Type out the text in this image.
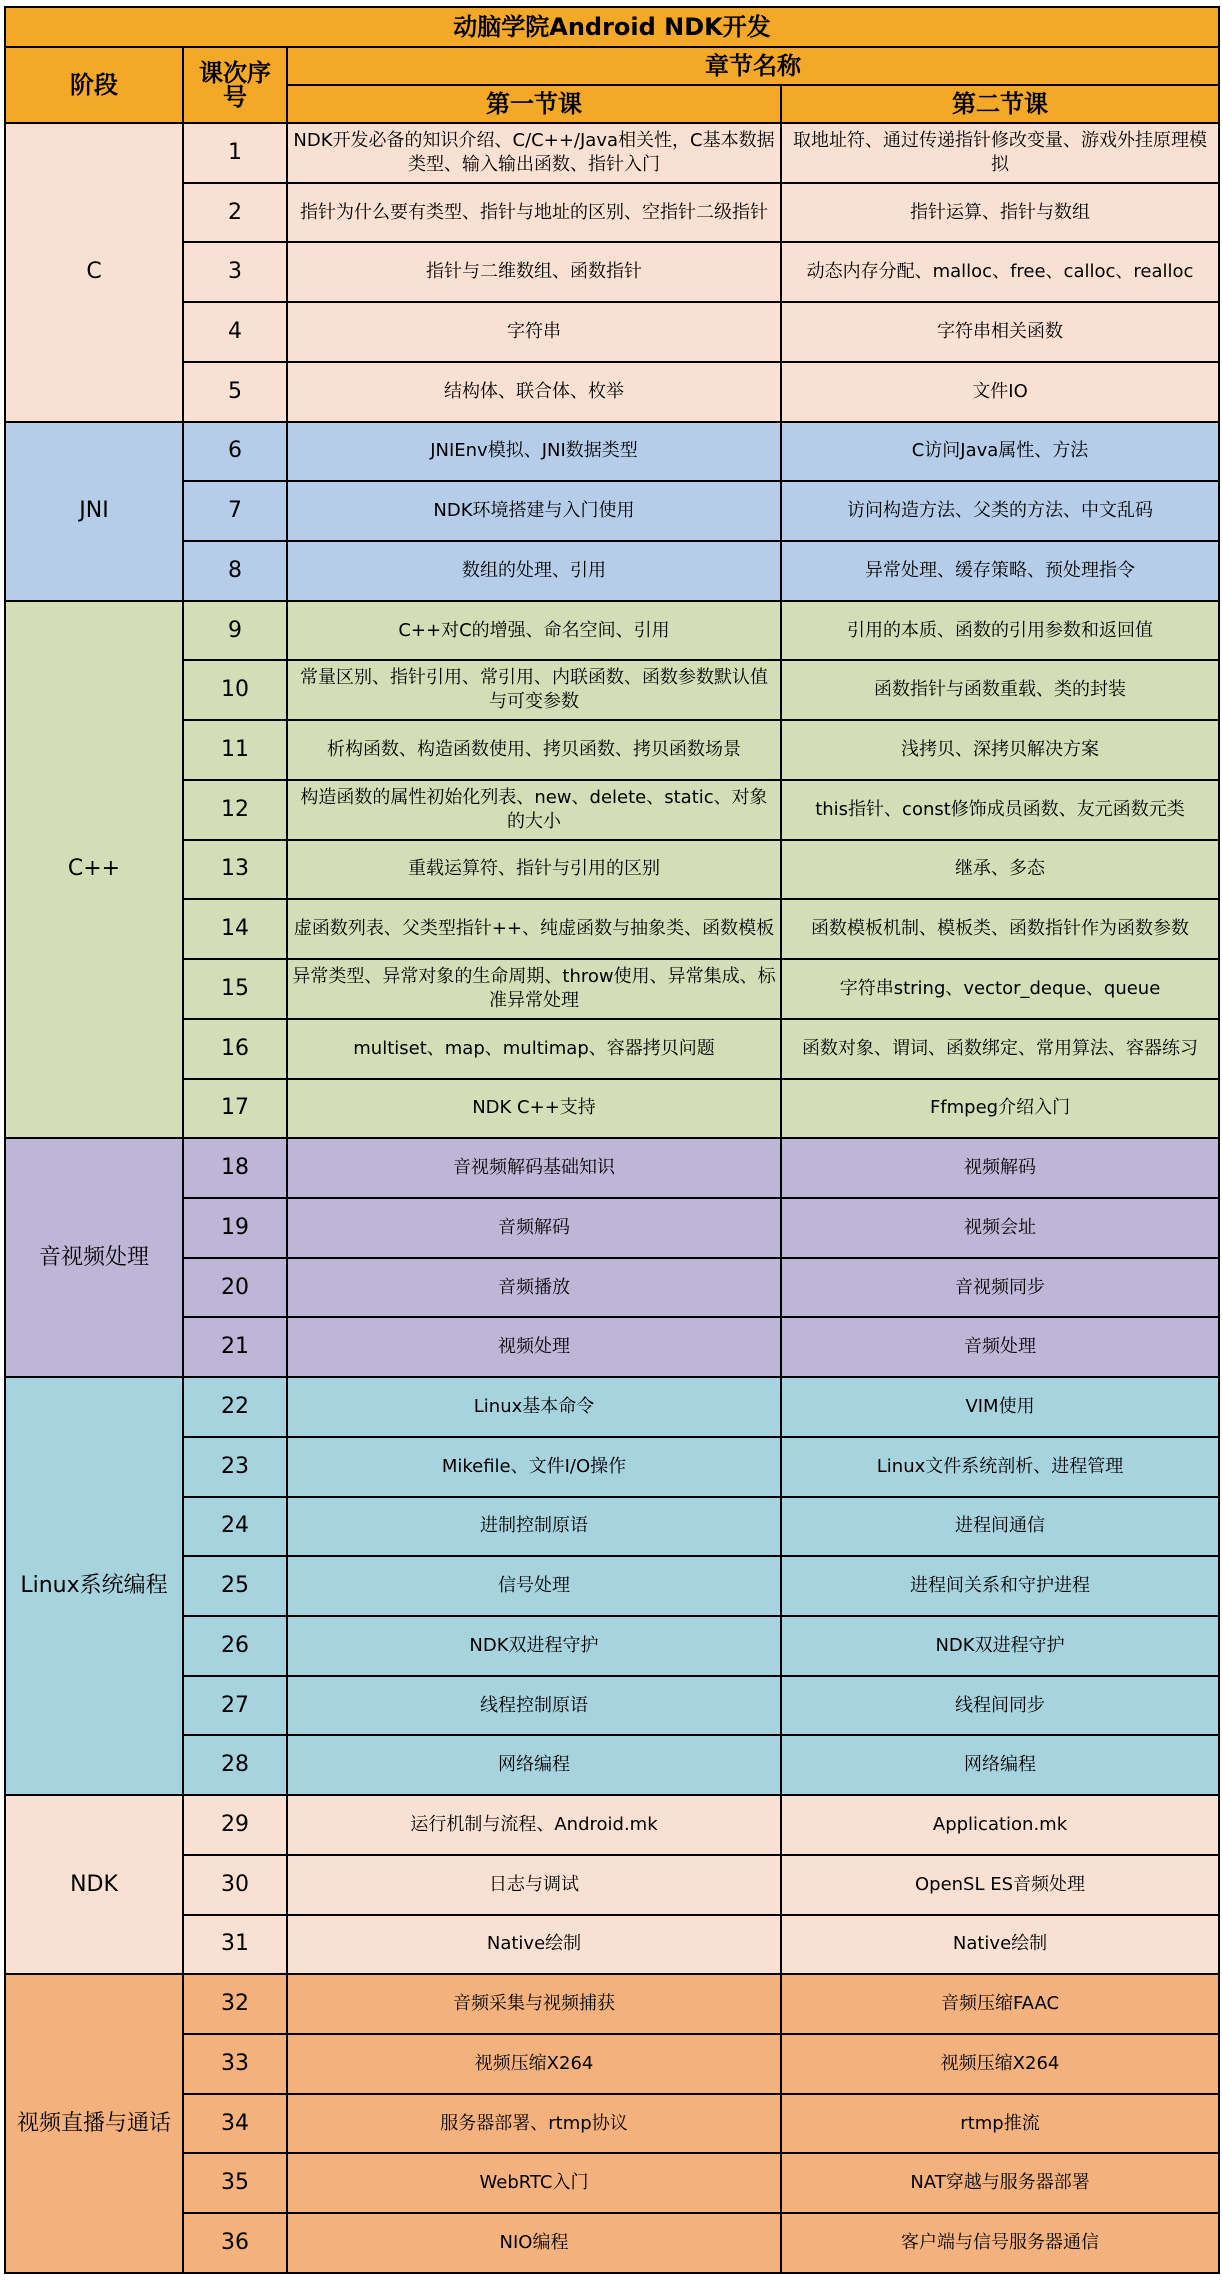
动脑学院Android NDK开发			
阶段	课次序号	章节名称	
		第一节课	第二节课
C	1	NDK开发必备的知识介绍、C/C++/Java相关性，C基本数据类型、输入输出函数、指针入门	取地址符、通过传递指针修改变量、游戏外挂原理模拟
	2	指针为什么要有类型、指针与地址的区别、空指针二级指针	指针运算、指针与数组
	3	指针与二维数组、函数指针	动态内存分配、malloc、free、calloc、realloc
	4	字符串	字符串相关函数
	5	结构体、联合体、枚举	文件IO
JNI	6	JNIEnv模拟、JNI数据类型	C访问Java属性、方法
	7	NDK环境搭建与入门使用	访问构造方法、父类的方法、中文乱码
	8	数组的处理、引用	异常处理、缓存策略、预处理指令
C++	9	C++对C的增强、命名空间、引用	引用的本质、函数的引用参数和返回值
	10	常量区别、指针引用、常引用、内联函数、函数参数默认值与可变参数	函数指针与函数重载、类的封装
	11	析构函数、构造函数使用、拷贝函数、拷贝函数场景	浅拷贝、深拷贝解决方案
	12	构造函数的属性初始化列表、new、delete、static、对象的大小	this指针、const修饰成员函数、友元函数元类
	13	重载运算符、指针与引用的区别	继承、多态
	14	虚函数列表、父类型指针++、纯虚函数与抽象类、函数模板	函数模板机制、模板类、函数指针作为函数参数
	15	异常类型、异常对象的生命周期、throw使用、异常集成、标准异常处理	字符串string、vector_deque、queue
	16	multiset、map、multimap、容器拷贝问题	函数对象、谓词、函数绑定、常用算法、容器练习
	17	NDK C++支持	Ffmpeg介绍入门
音视频处理	18	音视频解码基础知识	视频解码
	19	音频解码	视频会址
	20	音频播放	音视频同步
	21	视频处理	音频处理
Linux系统编程	22	Linux基本命令	VIM使用
	23	Mikefile、文件I/O操作	Linux文件系统剖析、进程管理
	24	进制控制原语	进程间通信
	25	信号处理	进程间关系和守护进程
	26	NDK双进程守护	NDK双进程守护
	27	线程控制原语	线程间同步
	28	网络编程	网络编程
NDK	29	运行机制与流程、Android.mk	Application.mk
	30	日志与调试	OpenSL ES音频处理
	31	Native绘制	Native绘制
视频直播与通话	32	音频采集与视频捕获	音频压缩FAAC
	33	视频压缩X264	视频压缩X264
	34	服务器部署、rtmp协议	rtmp推流
	35	WebRTC入门	NAT穿越与服务器部署
	36	NIO编程	客户端与信号服务器通信
